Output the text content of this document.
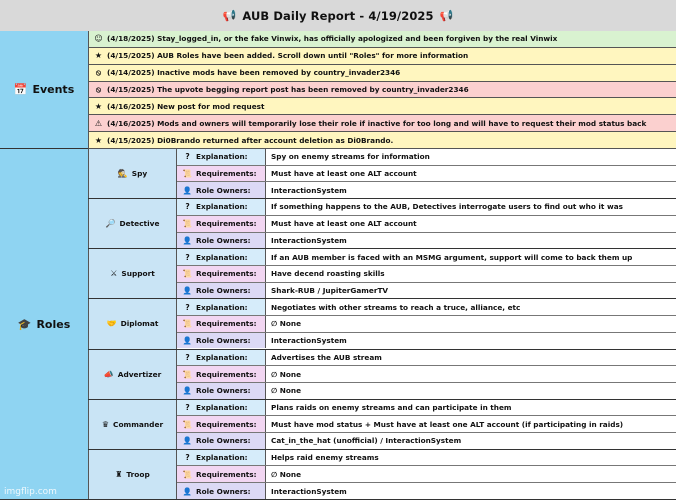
📢 AUB Daily Report - 4/19/2025 📢
📅 Events
☺ (4/18/2025) Stay_logged_in, or the fake Vinwix, has officially apologized and been forgiven by the real Vinwix
★ (4/15/2025) AUB Roles have been added. Scroll down until "Roles" for more information
⦸ (4/14/2025) Inactive mods have been removed by country_invader2346
⦸ (4/15/2025) The upvote begging report post has been removed by country_invader2346
★ (4/16/2025) New post for mod request
⚠ (4/16/2025) Mods and owners will temporarily lose their role if inactive for too long and will have to request their mod status back
★ (4/15/2025) Di0Brando returned after account deletion as Di0Brando.
🎓 Roles
🕵 Spy
? Explanation:	Spy on enemy streams for information
📜 Requirements:	Must have at least one ALT account
👤 Role Owners:	InteractionSystem
🔎 Detective
? Explanation:	If something happens to the AUB, Detectives interrogate users to find out who it was
📜 Requirements:	Must have at least one ALT account
👤 Role Owners:	InteractionSystem
⚔ Support
? Explanation:	If an AUB member is faced with an MSMG argument, support will come to back them up
📜 Requirements:	Have decend roasting skills
👤 Role Owners:	Shark-RUB / JupiterGamerTV
🤝 Diplomat
? Explanation:	Negotiates with other streams to reach a truce, alliance, etc
📜 Requirements:	∅ None
👤 Role Owners:	InteractionSystem
📣 Advertizer
? Explanation:	Advertises the AUB stream
📜 Requirements:	∅ None
👤 Role Owners:	∅ None
♛ Commander
? Explanation:	Plans raids on enemy streams and can participate in them
📜 Requirements:	Must have mod status + Must have at least one ALT account (if participating in raids)
👤 Role Owners:	Cat_in_the_hat (unofficial) / InteractionSystem
♜ Troop
? Explanation:	Helps raid enemy streams
📜 Requirements:	∅ None
👤 Role Owners:	InteractionSystem
imgflip.com
